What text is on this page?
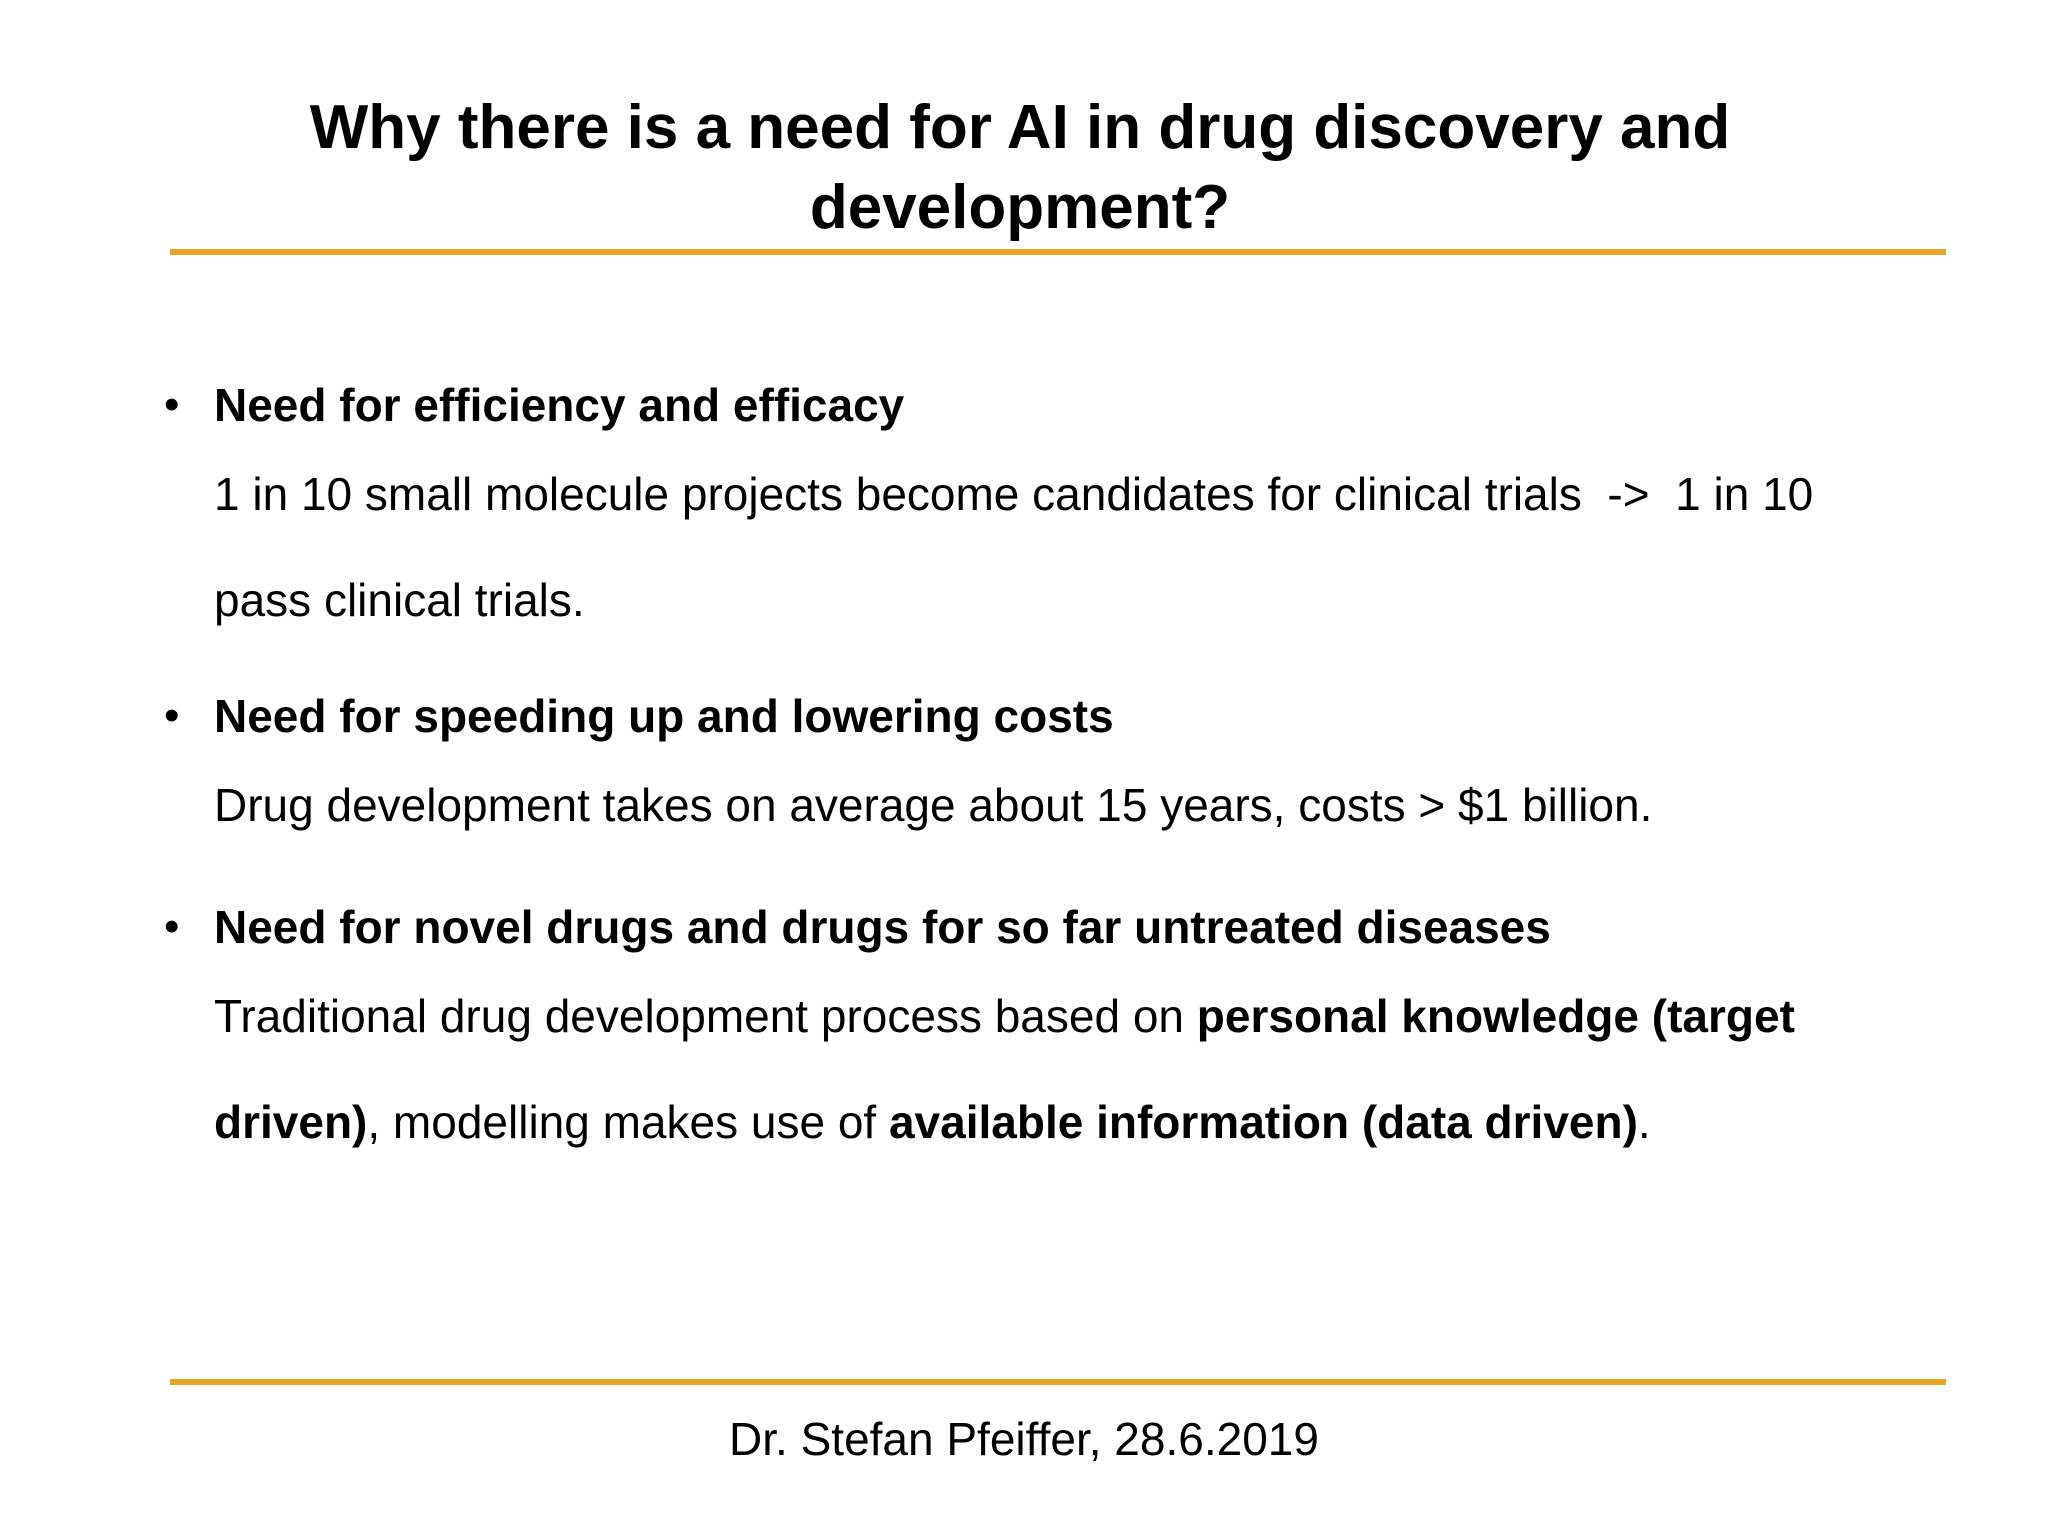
Why there is a need for AI in drug discovery and development?
• Need for efficiency and efficacy
1 in 10 small molecule projects become candidates for clinical trials  ->  1 in 10
pass clinical trials.
• Need for speeding up and lowering costs
Drug development takes on average about 15 years, costs > $1 billion.
• Need for novel drugs and drugs for so far untreated diseases
Traditional drug development process based on personal knowledge (target
driven), modelling makes use of available information (data driven).
Dr. Stefan Pfeiffer, 28.6.2019
